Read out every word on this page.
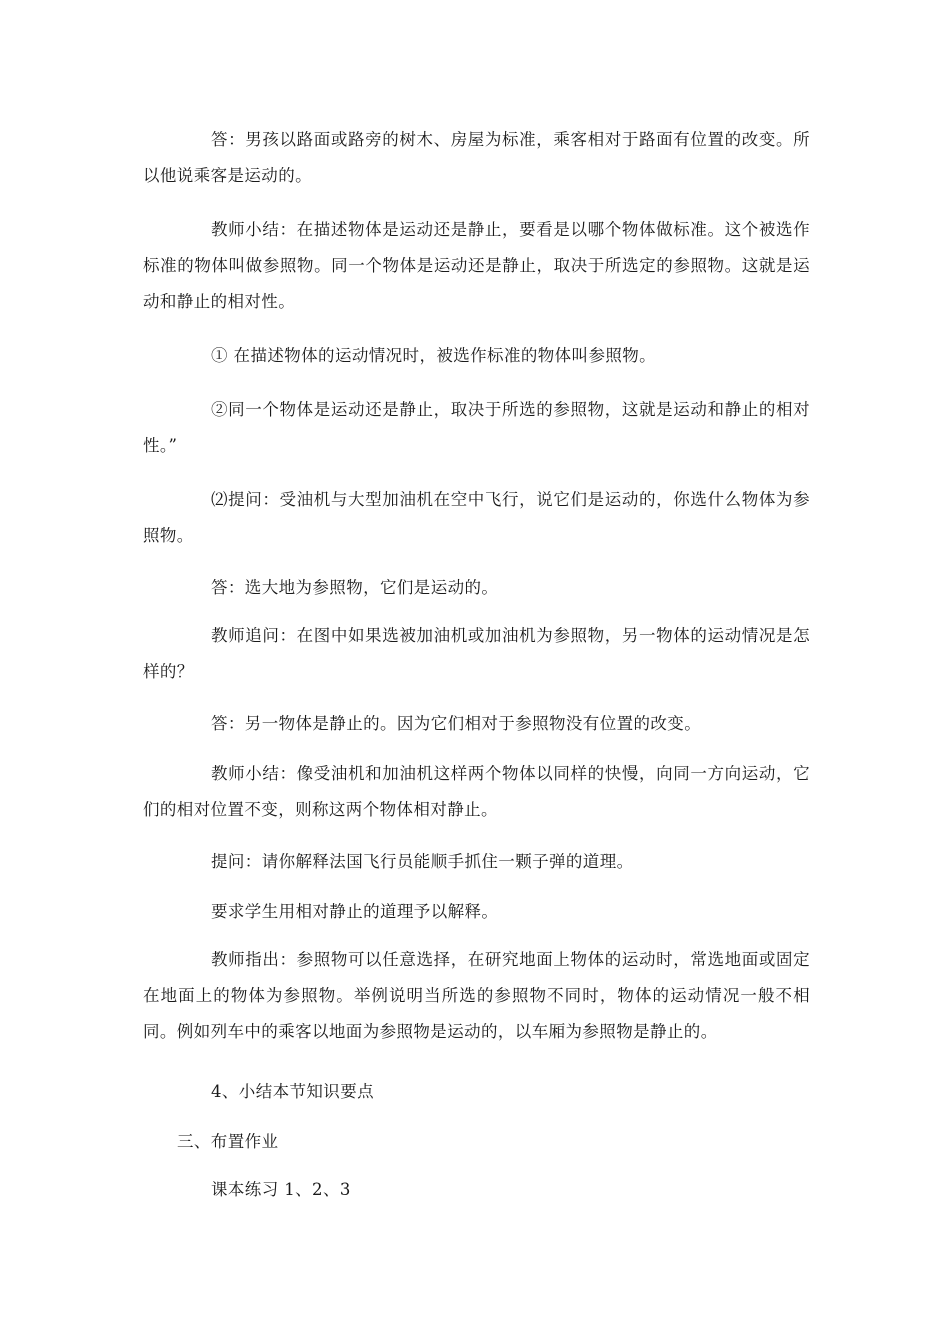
答：男孩以路面或路旁的树木、房屋为标准，乘客相对于路面有位置的改变。所以他说乘客是运动的。

教师小结：在描述物体是运动还是静止，要看是以哪个物体做标准。这个被选作标准的物体叫做参照物。同一个物体是运动还是静止，取决于所选定的参照物。这就是运动和静止的相对性。

① 在描述物体的运动情况时，被选作标准的物体叫参照物。

②同一个物体是运动还是静止，取决于所选的参照物，这就是运动和静止的相对性。”

⑵提问：受油机与大型加油机在空中飞行，说它们是运动的，你选什么物体为参照物。

答：选大地为参照物，它们是运动的。

教师追问：在图中如果选被加油机或加油机为参照物，另一物体的运动情况是怎样的？

答：另一物体是静止的。因为它们相对于参照物没有位置的改变。

教师小结：像受油机和加油机这样两个物体以同样的快慢，向同一方向运动，它们的相对位置不变，则称这两个物体相对静止。

提问：请你解释法国飞行员能顺手抓住一颗子弹的道理。

要求学生用相对静止的道理予以解释。

教师指出：参照物可以任意选择，在研究地面上物体的运动时，常选地面或固定在地面上的物体为参照物。举例说明当所选的参照物不同时，物体的运动情况一般不相同。例如列车中的乘客以地面为参照物是运动的，以车厢为参照物是静止的。

4、小结本节知识要点

三、布置作业

课本练习 1、2、3
